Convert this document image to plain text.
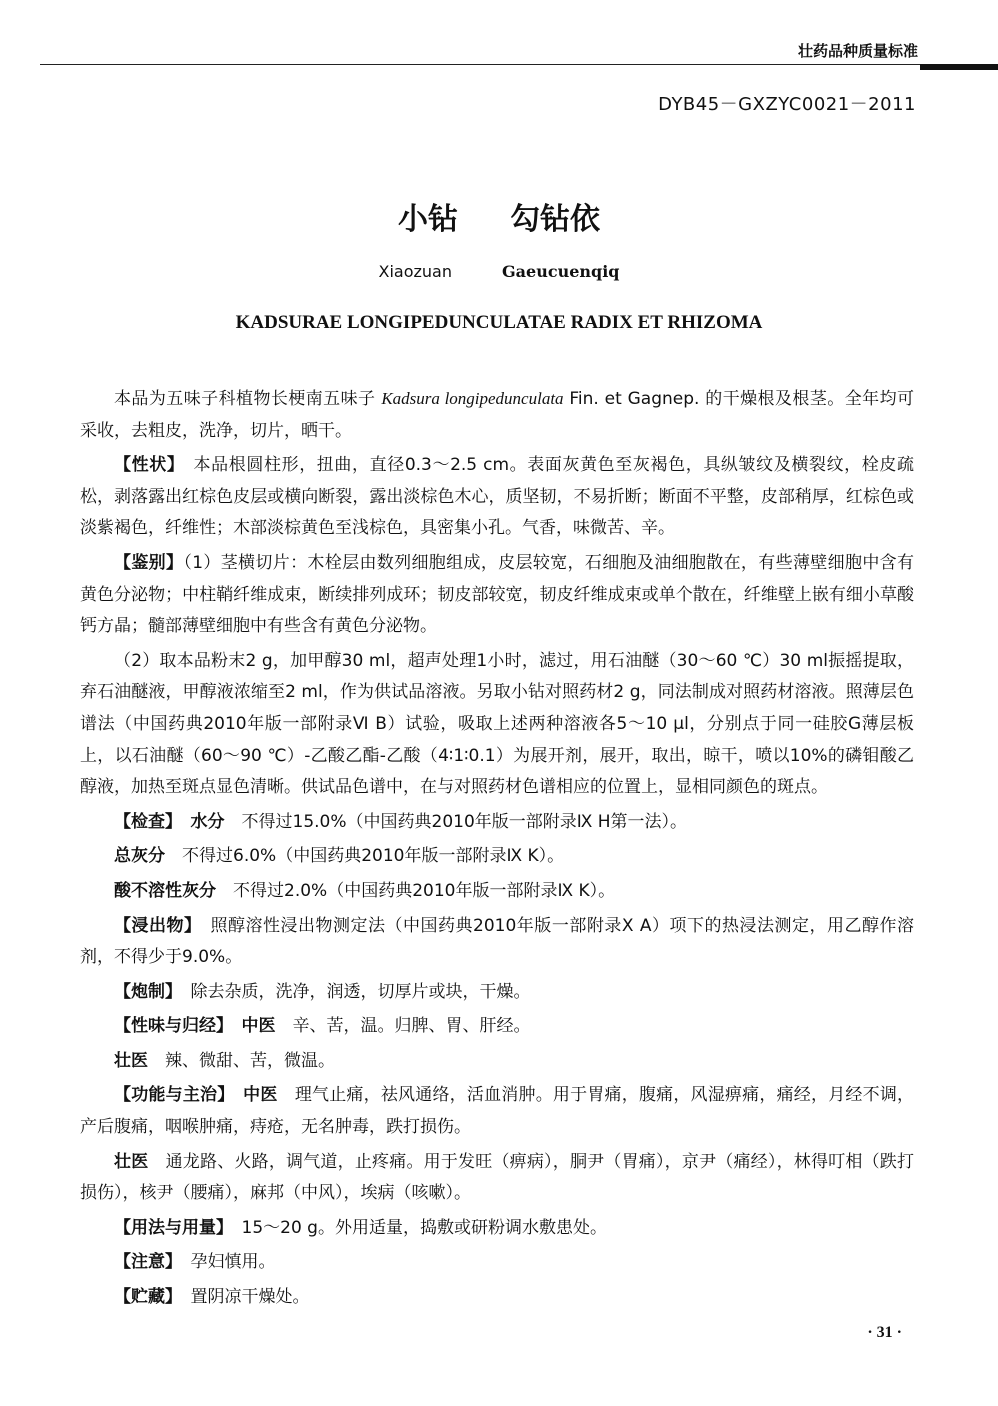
壮药品种质量标准
DYB45－GXZYC0021－2011
小钻 勾钻依
Xiaozuan	Gaeucuenqiq
KADSURAE LONGIPEDUNCULATAE RADIX ET RHIZOMA

本品为五味子科植物长梗南五味子 Kadsura longipedunculata Fin. et Gagnep. 的干燥根及根茎。全年均可采收，去粗皮，洗净，切片，晒干。

【性状】　 本品根圆柱形，扭曲，直径0.3～2.5 cm。表面灰黄色至灰褐色，具纵皱纹及横裂纹，栓皮疏松，剥落露出红棕色皮层或横向断裂，露出淡棕色木心，质坚韧，不易折断；断面不平整，皮部稍厚，红棕色或淡紫褐色，纤维性；木部淡棕黄色至浅棕色，具密集小孔。气香，味微苦、辛。

【鉴别】（1）茎横切片：木栓层由数列细胞组成，皮层较宽，石细胞及油细胞散在，有些薄壁细胞中含有黄色分泌物；中柱鞘纤维成束，断续排列成环；韧皮部较宽，韧皮纤维成束或单个散在，纤维壁上嵌有细小草酸钙方晶；髓部薄壁细胞中有些含有黄色分泌物。

（2）取本品粉末2 g，加甲醇30 ml，超声处理1小时，滤过，用石油醚（30～60 ℃）30 ml振摇提取，弃石油醚液，甲醇液浓缩至2 ml，作为供试品溶液。另取小钻对照药材2 g，同法制成对照药材溶液。照薄层色谱法（中国药典2010年版一部附录Ⅵ B）试验，吸取上述两种溶液各5～10 μl，分别点于同一硅胶G薄层板上，以石油醚（60～90 ℃）-乙酸乙酯-乙酸（4∶1∶0.1）为展开剂，展开，取出，晾干，喷以10%的磷钼酸乙醇液，加热至斑点显色清晰。供试品色谱中，在与对照药材色谱相应的位置上，显相同颜色的斑点。

【检查】　 水分　 不得过15.0%（中国药典2010年版一部附录Ⅸ H第一法）。

总灰分　 不得过6.0%（中国药典2010年版一部附录Ⅸ K）。

酸不溶性灰分　 不得过2.0%（中国药典2010年版一部附录Ⅸ K）。

【浸出物】　 照醇溶性浸出物测定法（中国药典2010年版一部附录Ⅹ A）项下的热浸法测定，用乙醇作溶剂，不得少于9.0%。

【炮制】　 除去杂质，洗净，润透，切厚片或块，干燥。

【性味与归经】　 中医　 辛、苦，温。归脾、胃、肝经。

壮医　 辣、微甜、苦，微温。

【功能与主治】　 中医　 理气止痛，祛风通络，活血消肿。用于胃痛，腹痛，风湿痹痛，痛经，月经不调，产后腹痛，咽喉肿痛，痔疮，无名肿毒，跌打损伤。

壮医　 通龙路、火路，调气道，止疼痛。用于发旺（痹病），胴尹（胃痛），京尹（痛经），林得叮相（跌打损伤），核尹（腰痛），麻邦（中风），埃病（咳嗽）。

【用法与用量】　 15～20 g。外用适量，捣敷或研粉调水敷患处。

【注意】　 孕妇慎用。

【贮藏】　 置阴凉干燥处。

· 31 ·
